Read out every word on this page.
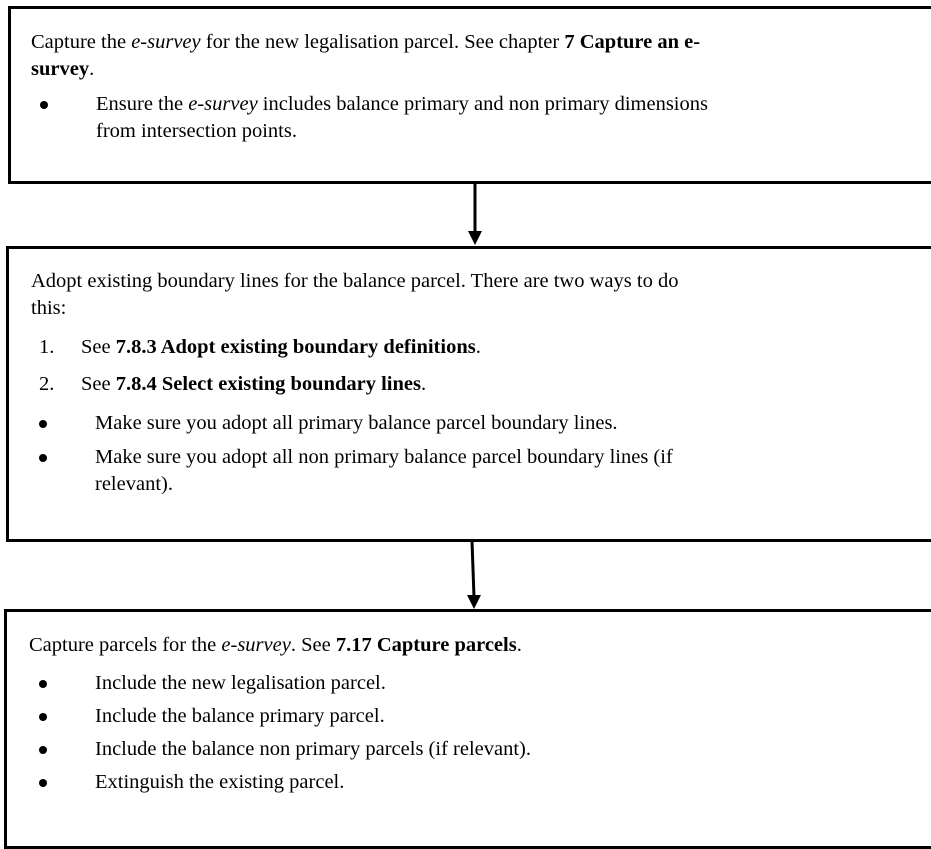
Capture the e-survey for the new legalisation parcel. See chapter 7 Capture an e-
survey.
Ensure the e-survey includes balance primary and non primary dimensions
from intersection points.
Adopt existing boundary lines for the balance parcel. There are two ways to do
this:
1. See 7.8.3 Adopt existing boundary definitions.
2. See 7.8.4 Select existing boundary lines.
Make sure you adopt all primary balance parcel boundary lines.
Make sure you adopt all non primary balance parcel boundary lines (if
relevant).
Capture parcels for the e-survey. See 7.17 Capture parcels.
Include the new legalisation parcel.
Include the balance primary parcel.
Include the balance non primary parcels (if relevant).
Extinguish the existing parcel.
